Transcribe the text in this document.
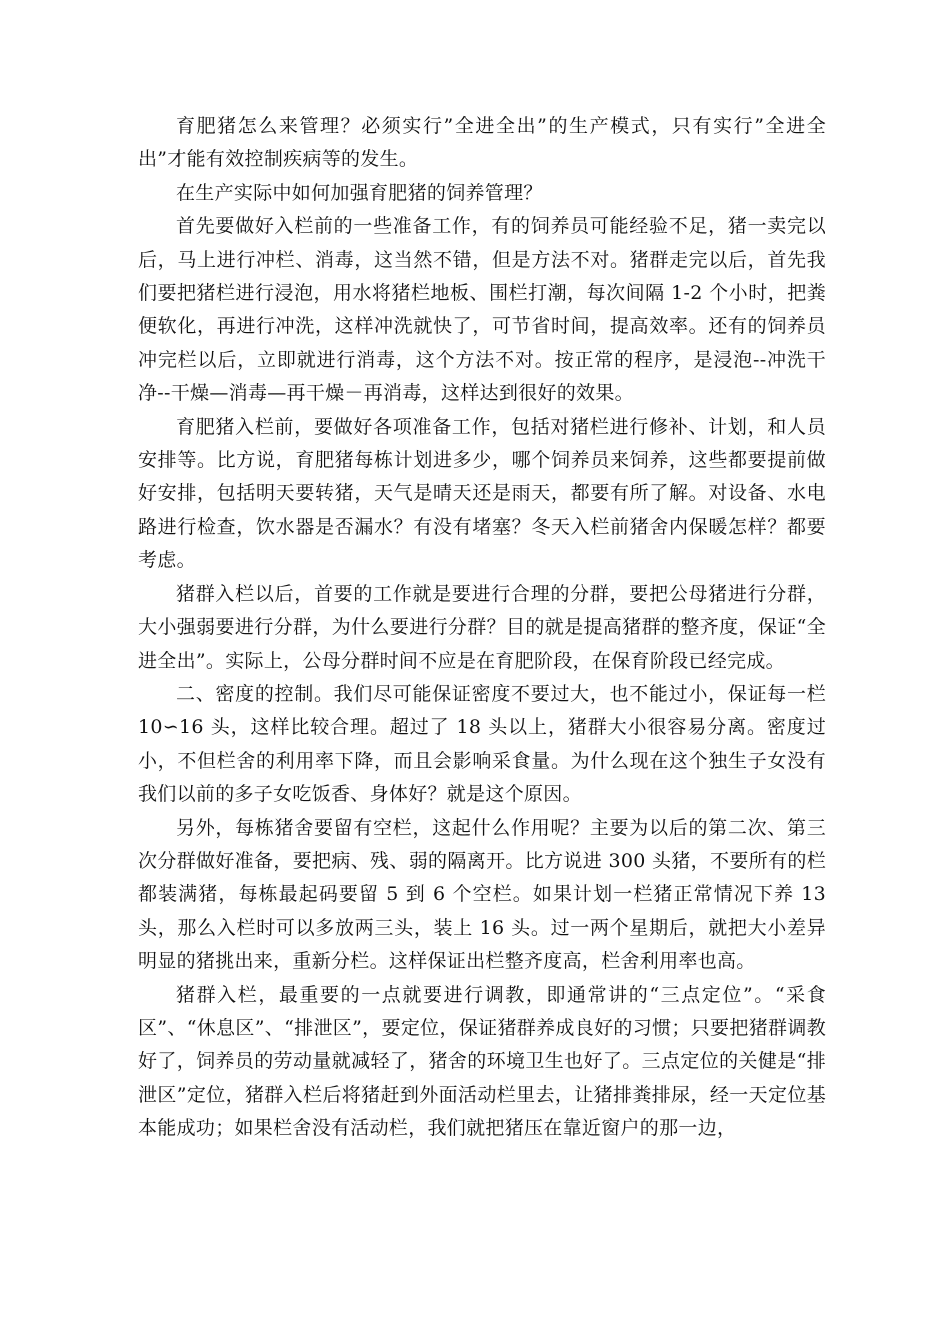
育肥猪怎么来管理？必须实行”全进全出”的生产模式，只有实行”全进全出”才能有效控制疾病等的发生。

在生产实际中如何加强育肥猪的饲养管理？

首先要做好入栏前的一些准备工作，有的饲养员可能经验不足，猪一卖完以后，马上进行冲栏、消毒，这当然不错，但是方法不对。猪群走完以后，首先我们要把猪栏进行浸泡，用水将猪栏地板、围栏打潮，每次间隔 1-2 个小时，把粪便软化，再进行冲洗，这样冲洗就快了，可节省时间，提高效率。还有的饲养员冲完栏以后，立即就进行消毒，这个方法不对。按正常的程序，是浸泡--冲洗干净--干燥—消毒—再干燥－再消毒，这样达到很好的效果。

育肥猪入栏前，要做好各项准备工作，包括对猪栏进行修补、计划，和人员安排等。比方说，育肥猪每栋计划进多少，哪个饲养员来饲养，这些都要提前做好安排，包括明天要转猪，天气是晴天还是雨天，都要有所了解。对设备、水电路进行检查，饮水器是否漏水？有没有堵塞？冬天入栏前猪舍内保暖怎样？都要考虑。

猪群入栏以后，首要的工作就是要进行合理的分群，要把公母猪进行分群，大小强弱要进行分群，为什么要进行分群？目的就是提高猪群的整齐度，保证“全进全出”。实际上，公母分群时间不应是在育肥阶段，在保育阶段已经完成。

二、密度的控制。我们尽可能保证密度不要过大，也不能过小，保证每一栏 10∽16 头，这样比较合理。超过了 18 头以上，猪群大小很容易分离。密度过小，不但栏舍的利用率下降，而且会影响采食量。为什么现在这个独生子女没有我们以前的多子女吃饭香、身体好？就是这个原因。

另外，每栋猪舍要留有空栏，这起什么作用呢？主要为以后的第二次、第三次分群做好准备，要把病、残、弱的隔离开。比方说进 300 头猪，不要所有的栏都装满猪，每栋最起码要留 5 到 6 个空栏。如果计划一栏猪正常情况下养 13 头，那么入栏时可以多放两三头，装上 16 头。过一两个星期后，就把大小差异明显的猪挑出来，重新分栏。这样保证出栏整齐度高，栏舍利用率也高。

猪群入栏，最重要的一点就要进行调教，即通常讲的“三点定位”。“采食区”、“休息区”、“排泄区”，要定位，保证猪群养成良好的习惯；只要把猪群调教好了，饲养员的劳动量就减轻了，猪舍的环境卫生也好了。三点定位的关健是“排泄区”定位，猪群入栏后将猪赶到外面活动栏里去，让猪排粪排尿，经一天定位基本能成功；如果栏舍没有活动栏，我们就把猪压在靠近窗户的那一边，
